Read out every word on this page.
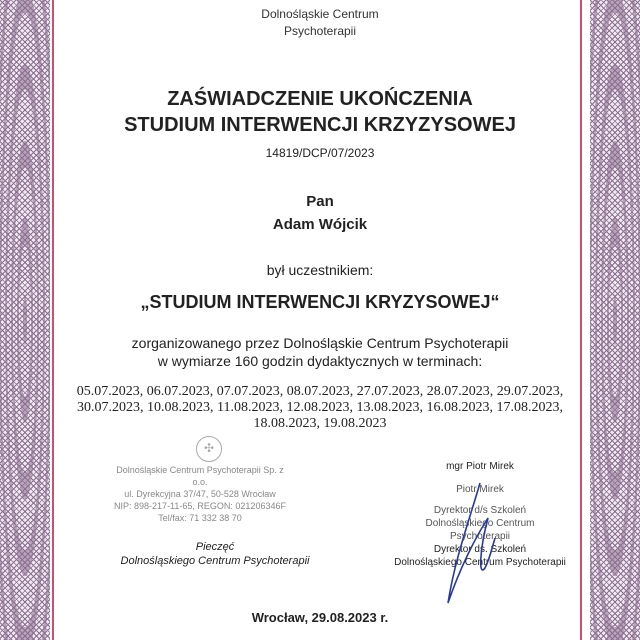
Dolnośląskie Centrum
Psychoterapii
ZAŚWIADCZENIE UKOŃCZENIA
STUDIUM INTERWENCJI KRZYZYSOWEJ
14819/DCP/07/2023
Pan
Adam Wójcik
był uczestnikiem:
„STUDIUM INTERWENCJI KRYZYSOWEJ“
zorganizowanego przez Dolnośląskie Centrum Psychoterapii
w wymiarze 160 godzin dydaktycznych w terminach:
05.07.2023, 06.07.2023, 07.07.2023, 08.07.2023, 27.07.2023, 28.07.2023, 29.07.2023,
30.07.2023, 10.08.2023, 11.08.2023, 12.08.2023, 13.08.2023, 16.08.2023, 17.08.2023,
18.08.2023, 19.08.2023
✣
Dolnośląskie Centrum Psychoterapii Sp. z o.o.
ul. Dyrekcyjna 37/47, 50-528 Wrocław
NIP: 898-217-11-65, REGON: 021206346F
Tel/fax: 71 332 38 70
Pieczęć
Dolnośląskiego Centrum Psychoterapii
mgr Piotr Mirek
Piotr Mirek
Dyrektor d/s Szkoleń
Dolnośląskiego Centrum
Psychoterapii
Dyrektor ds. Szkoleń
Dolnośląskiego Centrum Psychoterapii
Wrocław, 29.08.2023 r.
